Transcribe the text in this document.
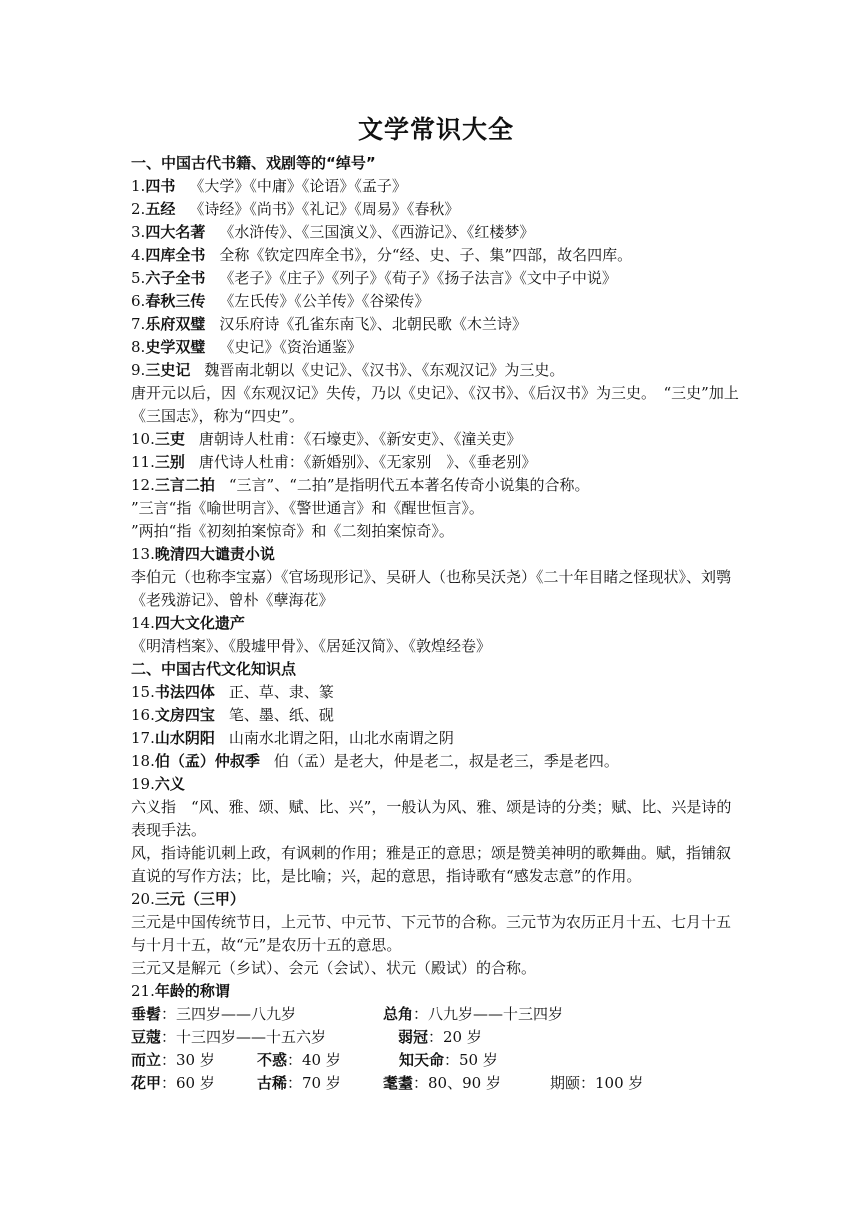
文学常识大全
一、中国古代书籍、戏剧等的“绰号”
1.四书 《大学》《中庸》《论语》《孟子》
2.五经 《诗经》《尚书》《礼记》《周易》《春秋》
3.四大名著 《水浒传》、《三国演义》、《西游记》、《红楼梦》
4.四库全书 全称《钦定四库全书》，分“经、史、子、集”四部，故名四库。
5.六子全书 《老子》《庄子》《列子》《荀子》《扬子法言》《文中子中说》
6.春秋三传 《左氏传》《公羊传》《谷梁传》
7.乐府双璧 汉乐府诗《孔雀东南飞》、北朝民歌《木兰诗》
8.史学双璧 《史记》《资治通鉴》
9.三史记 魏晋南北朝以《史记》、《汉书》、《东观汉记》为三史。
唐开元以后，因《东观汉记》失传，乃以《史记》、《汉书》、《后汉书》为三史。　“三史”加上《三国志》，称为“四史”。
10.三吏 唐朝诗人杜甫：《石壕吏》、《新安吏》、《潼关吏》
11.三别 唐代诗人杜甫：《新婚别》、《无家别　》、《垂老别》
12.三言二拍 “三言”、“二拍”是指明代五本著名传奇小说集的合称。
”三言“指《喻世明言》、《警世通言》和《醒世恒言》。
”两拍“指《初刻拍案惊奇》和《二刻拍案惊奇》。
13.晚清四大谴责小说
李伯元（也称李宝嘉）《官场现形记》、吴研人（也称吴沃尧）《二十年目睹之怪现状》、刘鹗《老残游记》、曾朴《孽海花》
14.四大文化遗产
《明清档案》、《殷墟甲骨》、《居延汉简》、《敦煌经卷》
二、中国古代文化知识点
15.书法四体 正、草、隶、篆
16.文房四宝 笔、墨、纸、砚
17.山水阴阳 山南水北谓之阳，山北水南谓之阴
18.伯（孟）仲叔季 伯（孟）是老大，仲是老二，叔是老三，季是老四。
19.六义
六义指　“风、雅、颂、赋、比、兴”，一般认为风、雅、颂是诗的分类；赋、比、兴是诗的表现手法。
风，指诗能讥刺上政，有讽刺的作用；雅是正的意思；颂是赞美神明的歌舞曲。赋，指铺叙直说的写作方法；比，是比喻；兴，起的意思，指诗歌有“感发志意”的作用。
20.三元（三甲）
三元是中国传统节日，上元节、中元节、下元节的合称。三元节为农历正月十五、七月十五与十月十五，故“元”是农历十五的意思。
三元又是解元（乡试）、会元（会试）、状元（殿试）的合称。
21.年龄的称谓
垂髫：三四岁——八九岁	总角：八九岁——十三四岁
豆蔻：十三四岁——十五六岁	弱冠：20 岁
而立：30 岁	不惑：40 岁	知天命：50 岁
花甲：60 岁	古稀：70 岁	耄耋：80、90 岁	期颐：100 岁
